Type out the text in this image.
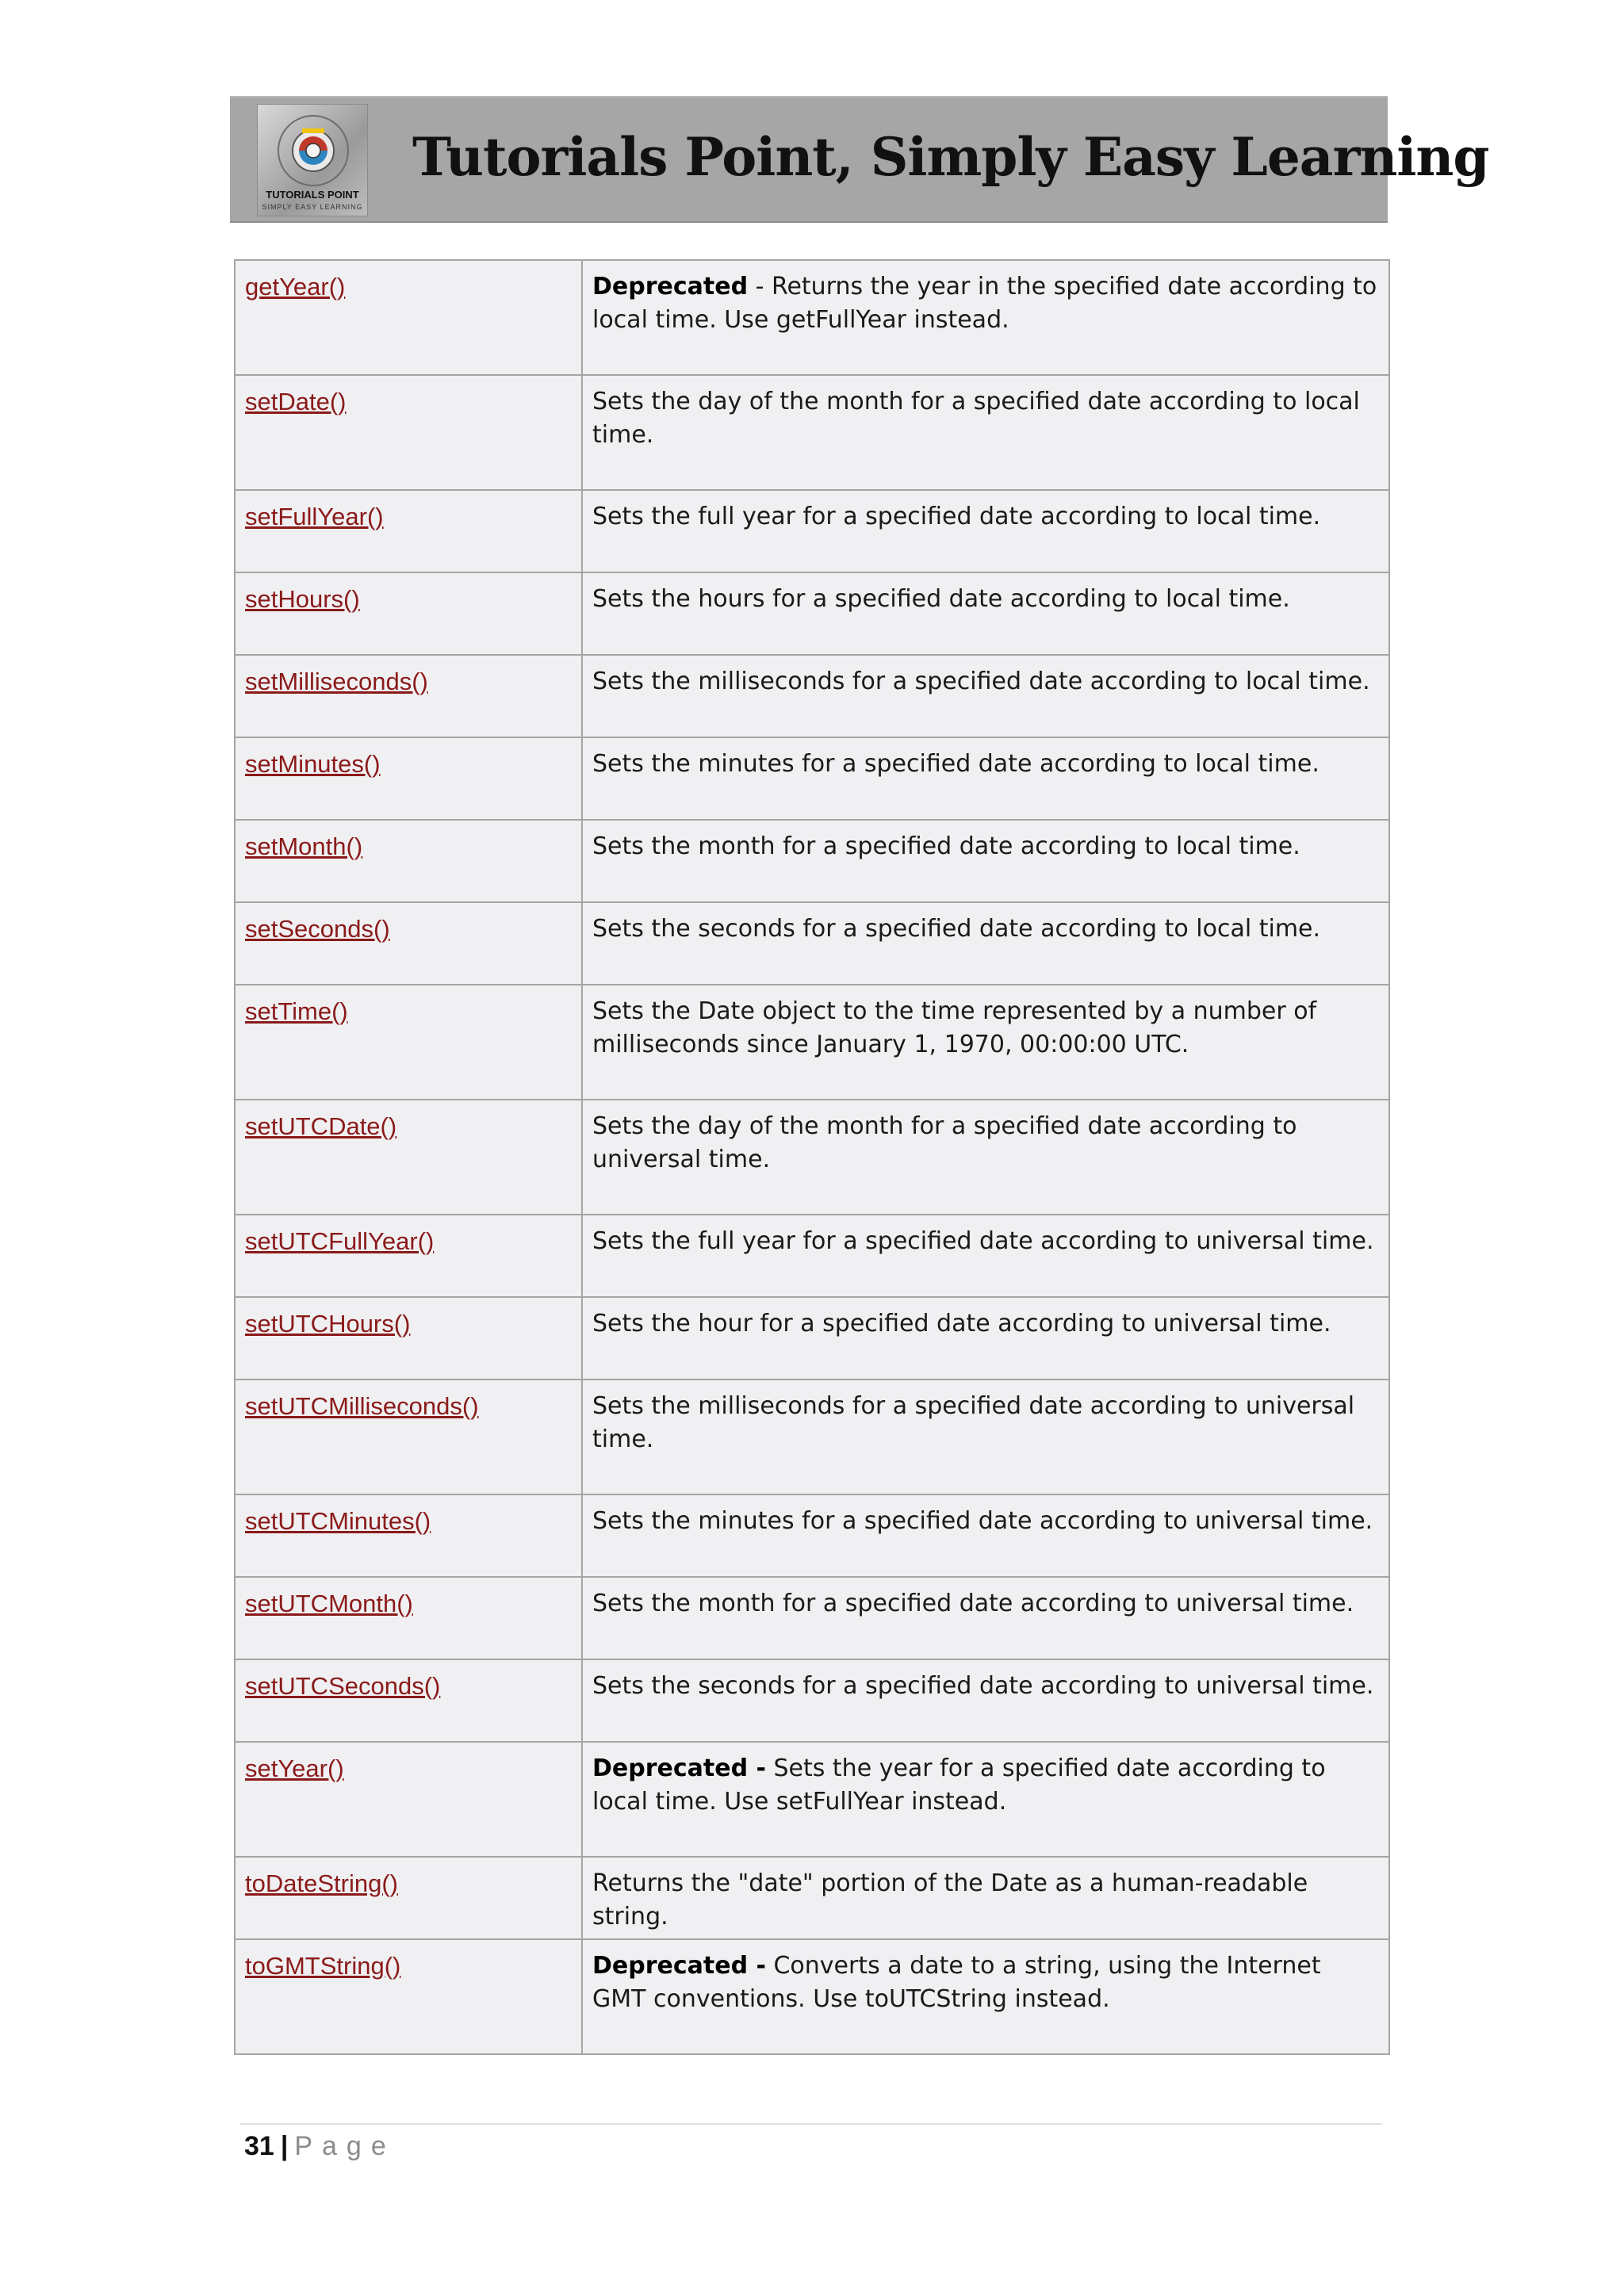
TUTORIALS POINT
SIMPLY EASY LEARNING
Tutorials Point, Simply Easy Learning
getYear()	Deprecated - Returns the year in the specified date according to local time. Use getFullYear instead.
setDate()	Sets the day of the month for a specified date according to local time.
setFullYear()	Sets the full year for a specified date according to local time.
setHours()	Sets the hours for a specified date according to local time.
setMilliseconds()	Sets the milliseconds for a specified date according to local time.
setMinutes()	Sets the minutes for a specified date according to local time.
setMonth()	Sets the month for a specified date according to local time.
setSeconds()	Sets the seconds for a specified date according to local time.
setTime()	Sets the Date object to the time represented by a number of milliseconds since January 1, 1970, 00:00:00 UTC.
setUTCDate()	Sets the day of the month for a specified date according to universal time.
setUTCFullYear()	Sets the full year for a specified date according to universal time.
setUTCHours()	Sets the hour for a specified date according to universal time.
setUTCMilliseconds()	Sets the milliseconds for a specified date according to universal time.
setUTCMinutes()	Sets the minutes for a specified date according to universal time.
setUTCMonth()	Sets the month for a specified date according to universal time.
setUTCSeconds()	Sets the seconds for a specified date according to universal time.
setYear()	Deprecated - Sets the year for a specified date according to local time. Use setFullYear instead.
toDateString()	Returns the "date" portion of the Date as a human-readable string.
toGMTString()	Deprecated - Converts a date to a string, using the Internet GMT conventions. Use toUTCString instead.
31 | Page
